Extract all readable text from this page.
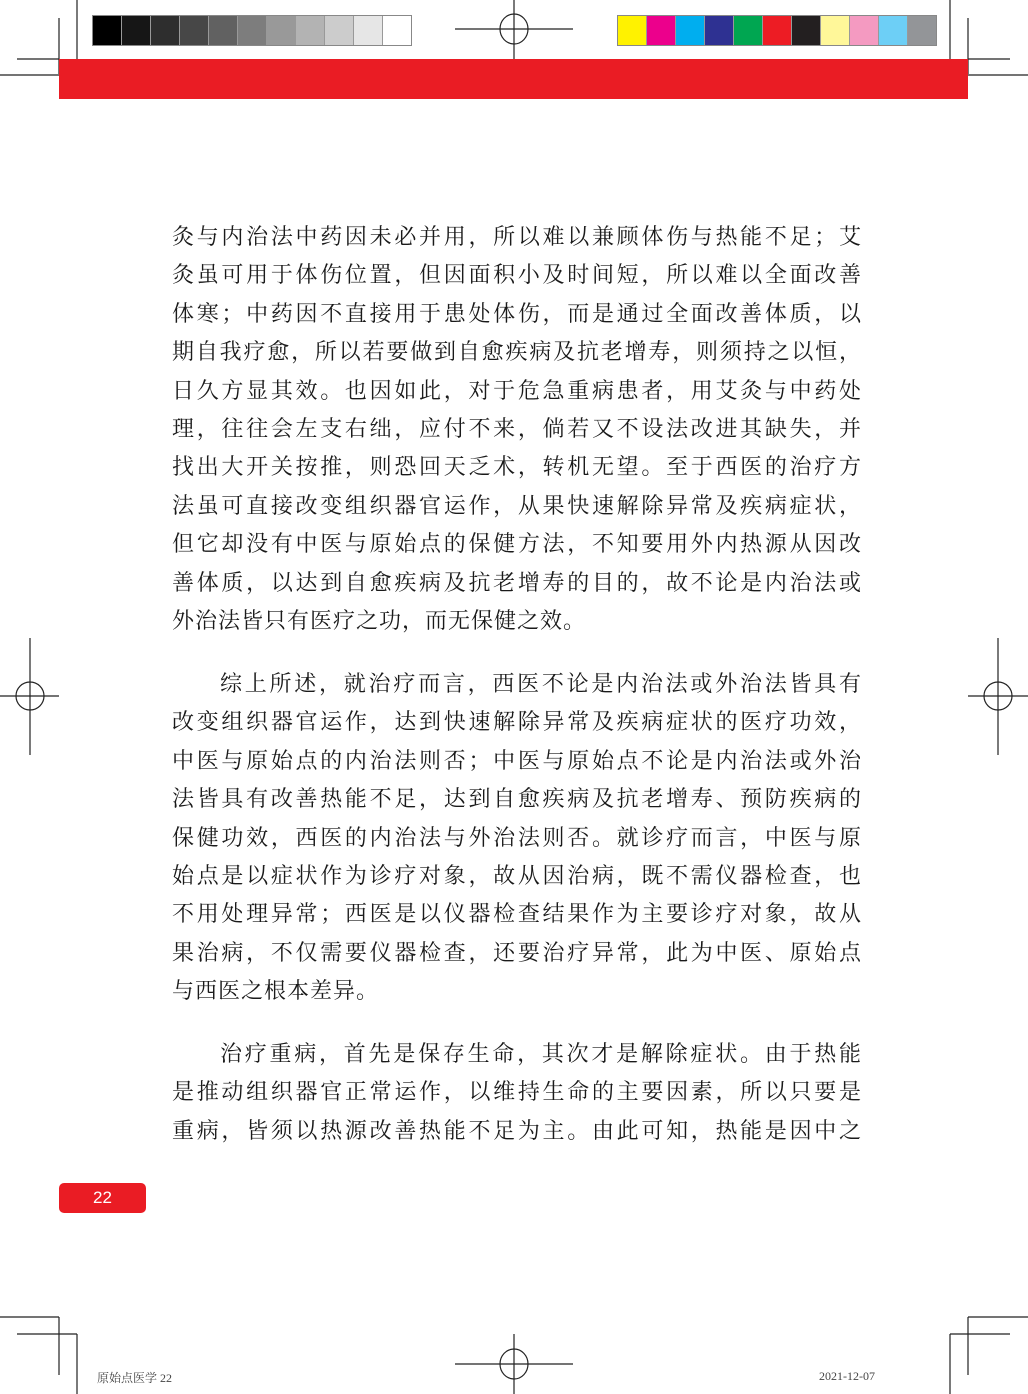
灸与内治法中药因未必并用，所以难以兼顾体伤与热能不足；艾
灸虽可用于体伤位置，但因面积小及时间短，所以难以全面改善
体寒；中药因不直接用于患处体伤，而是通过全面改善体质，以
期自我疗愈，所以若要做到自愈疾病及抗老增寿，则须持之以恒，
日久方显其效。也因如此，对于危急重病患者，用艾灸与中药处
理，往往会左支右绌，应付不来，倘若又不设法改进其缺失，并
找出大开关按推，则恐回天乏术，转机无望。至于西医的治疗方
法虽可直接改变组织器官运作，从果快速解除异常及疾病症状，
但它却没有中医与原始点的保健方法，不知要用外内热源从因改
善体质，以达到自愈疾病及抗老增寿的目的，故不论是内治法或
外治法皆只有医疗之功，而无保健之效。
综上所述，就治疗而言，西医不论是内治法或外治法皆具有
改变组织器官运作，达到快速解除异常及疾病症状的医疗功效，
中医与原始点的内治法则否；中医与原始点不论是内治法或外治
法皆具有改善热能不足，达到自愈疾病及抗老增寿、预防疾病的
保健功效，西医的内治法与外治法则否。就诊疗而言，中医与原
始点是以症状作为诊疗对象，故从因治病，既不需仪器检查，也
不用处理异常；西医是以仪器检查结果作为主要诊疗对象，故从
果治病，不仅需要仪器检查，还要治疗异常，此为中医、原始点
与西医之根本差异。
治疗重病，首先是保存生命，其次才是解除症状。由于热能
是推动组织器官正常运作，以维持生命的主要因素，所以只要是
重病，皆须以热源改善热能不足为主。由此可知，热能是因中之
22
原始点医学 22	2021-12-07
